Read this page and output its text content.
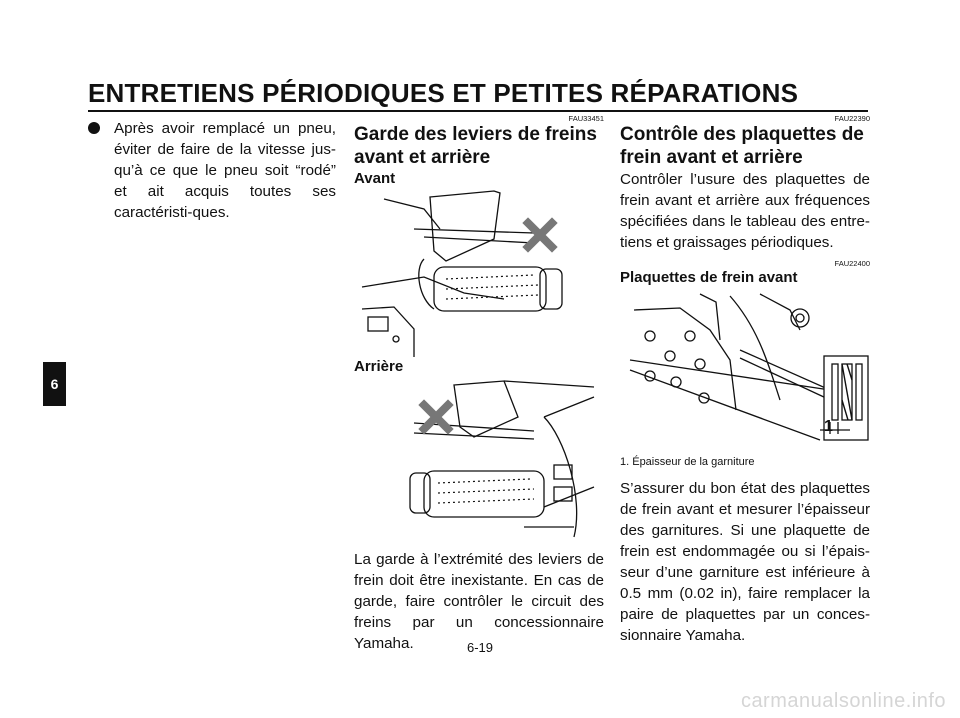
ENTRETIENS PÉRIODIQUES ET PETITES RÉPARATIONS
6
Après avoir remplacé un pneu, éviter de faire de la vitesse jus-qu’à ce que le pneu soit “rodé” et ait acquis toutes ses caractéristi-ques.
FAU33451
Garde des leviers de freins avant et arrière
Avant
Arrière
La garde à l’extrémité des leviers de frein doit être inexistante. En cas de garde, faire contrôler le circuit des freins par un concessionnaire Yamaha.
FAU22390
Contrôle des plaquettes de frein avant et arrière
Contrôler l’usure des plaquettes de frein avant et arrière aux fréquences spécifiées dans le tableau des entre-tiens et graissages périodiques.
FAU22400
Plaquettes de frein avant
1
1. Épaisseur de la garniture
S’assurer du bon état des plaquettes de frein avant et mesurer l’épaisseur des garnitures. Si une plaquette de frein est endommagée ou si l’épais-seur d’une garniture est inférieure à 0.5 mm (0.02 in), faire remplacer la paire de plaquettes par un conces-sionnaire Yamaha.
6-19
carmanualsonline.info
